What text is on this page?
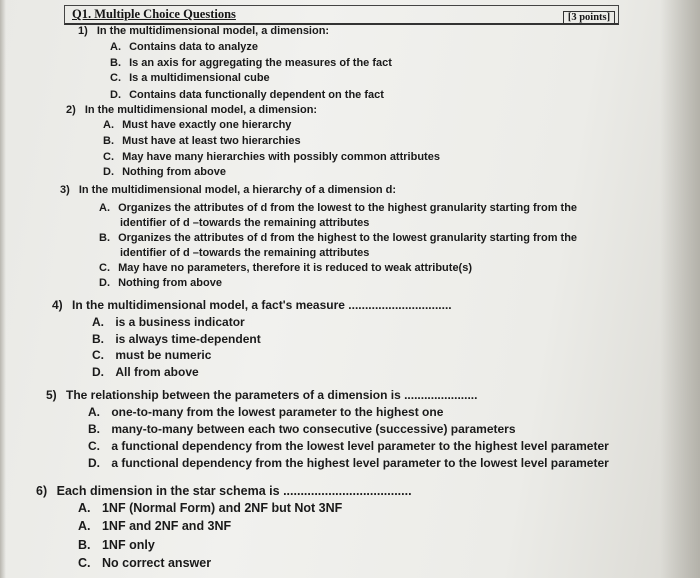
Q1. Multiple Choice Questions	[3 points]
1) In the multidimensional model, a dimension:
A. Contains data to analyze
B. Is an axis for aggregating the measures of the fact
C. Is a multidimensional cube
D. Contains data functionally dependent on the fact
2) In the multidimensional model, a dimension:
A. Must have exactly one hierarchy
B. Must have at least two hierarchies
C. May have many hierarchies with possibly common attributes
D. Nothing from above
3) In the multidimensional model, a hierarchy of a dimension d:
A. Organizes the attributes of d from the lowest to the highest granularity starting from the
identifier of d –towards the remaining attributes
B. Organizes the attributes of d from the highest to the lowest granularity starting from the
identifier of d –towards the remaining attributes
C. May have no parameters, therefore it is reduced to weak attribute(s)
D. Nothing from above
4) In the multidimensional model, a fact's measure ...............................
A. is a business indicator
B. is always time-dependent
C. must be numeric
D. All from above
5) The relationship between the parameters of a dimension is ......................
A. one-to-many from the lowest parameter to the highest one
B. many-to-many between each two consecutive (successive) parameters
C. a functional dependency from the lowest level parameter to the highest level parameter
D. a functional dependency from the highest level parameter to the lowest level parameter
6) Each dimension in the star schema is .....................................
A. 1NF (Normal Form) and 2NF but Not 3NF
A. 1NF and 2NF and 3NF
B. 1NF only
C. No correct answer
